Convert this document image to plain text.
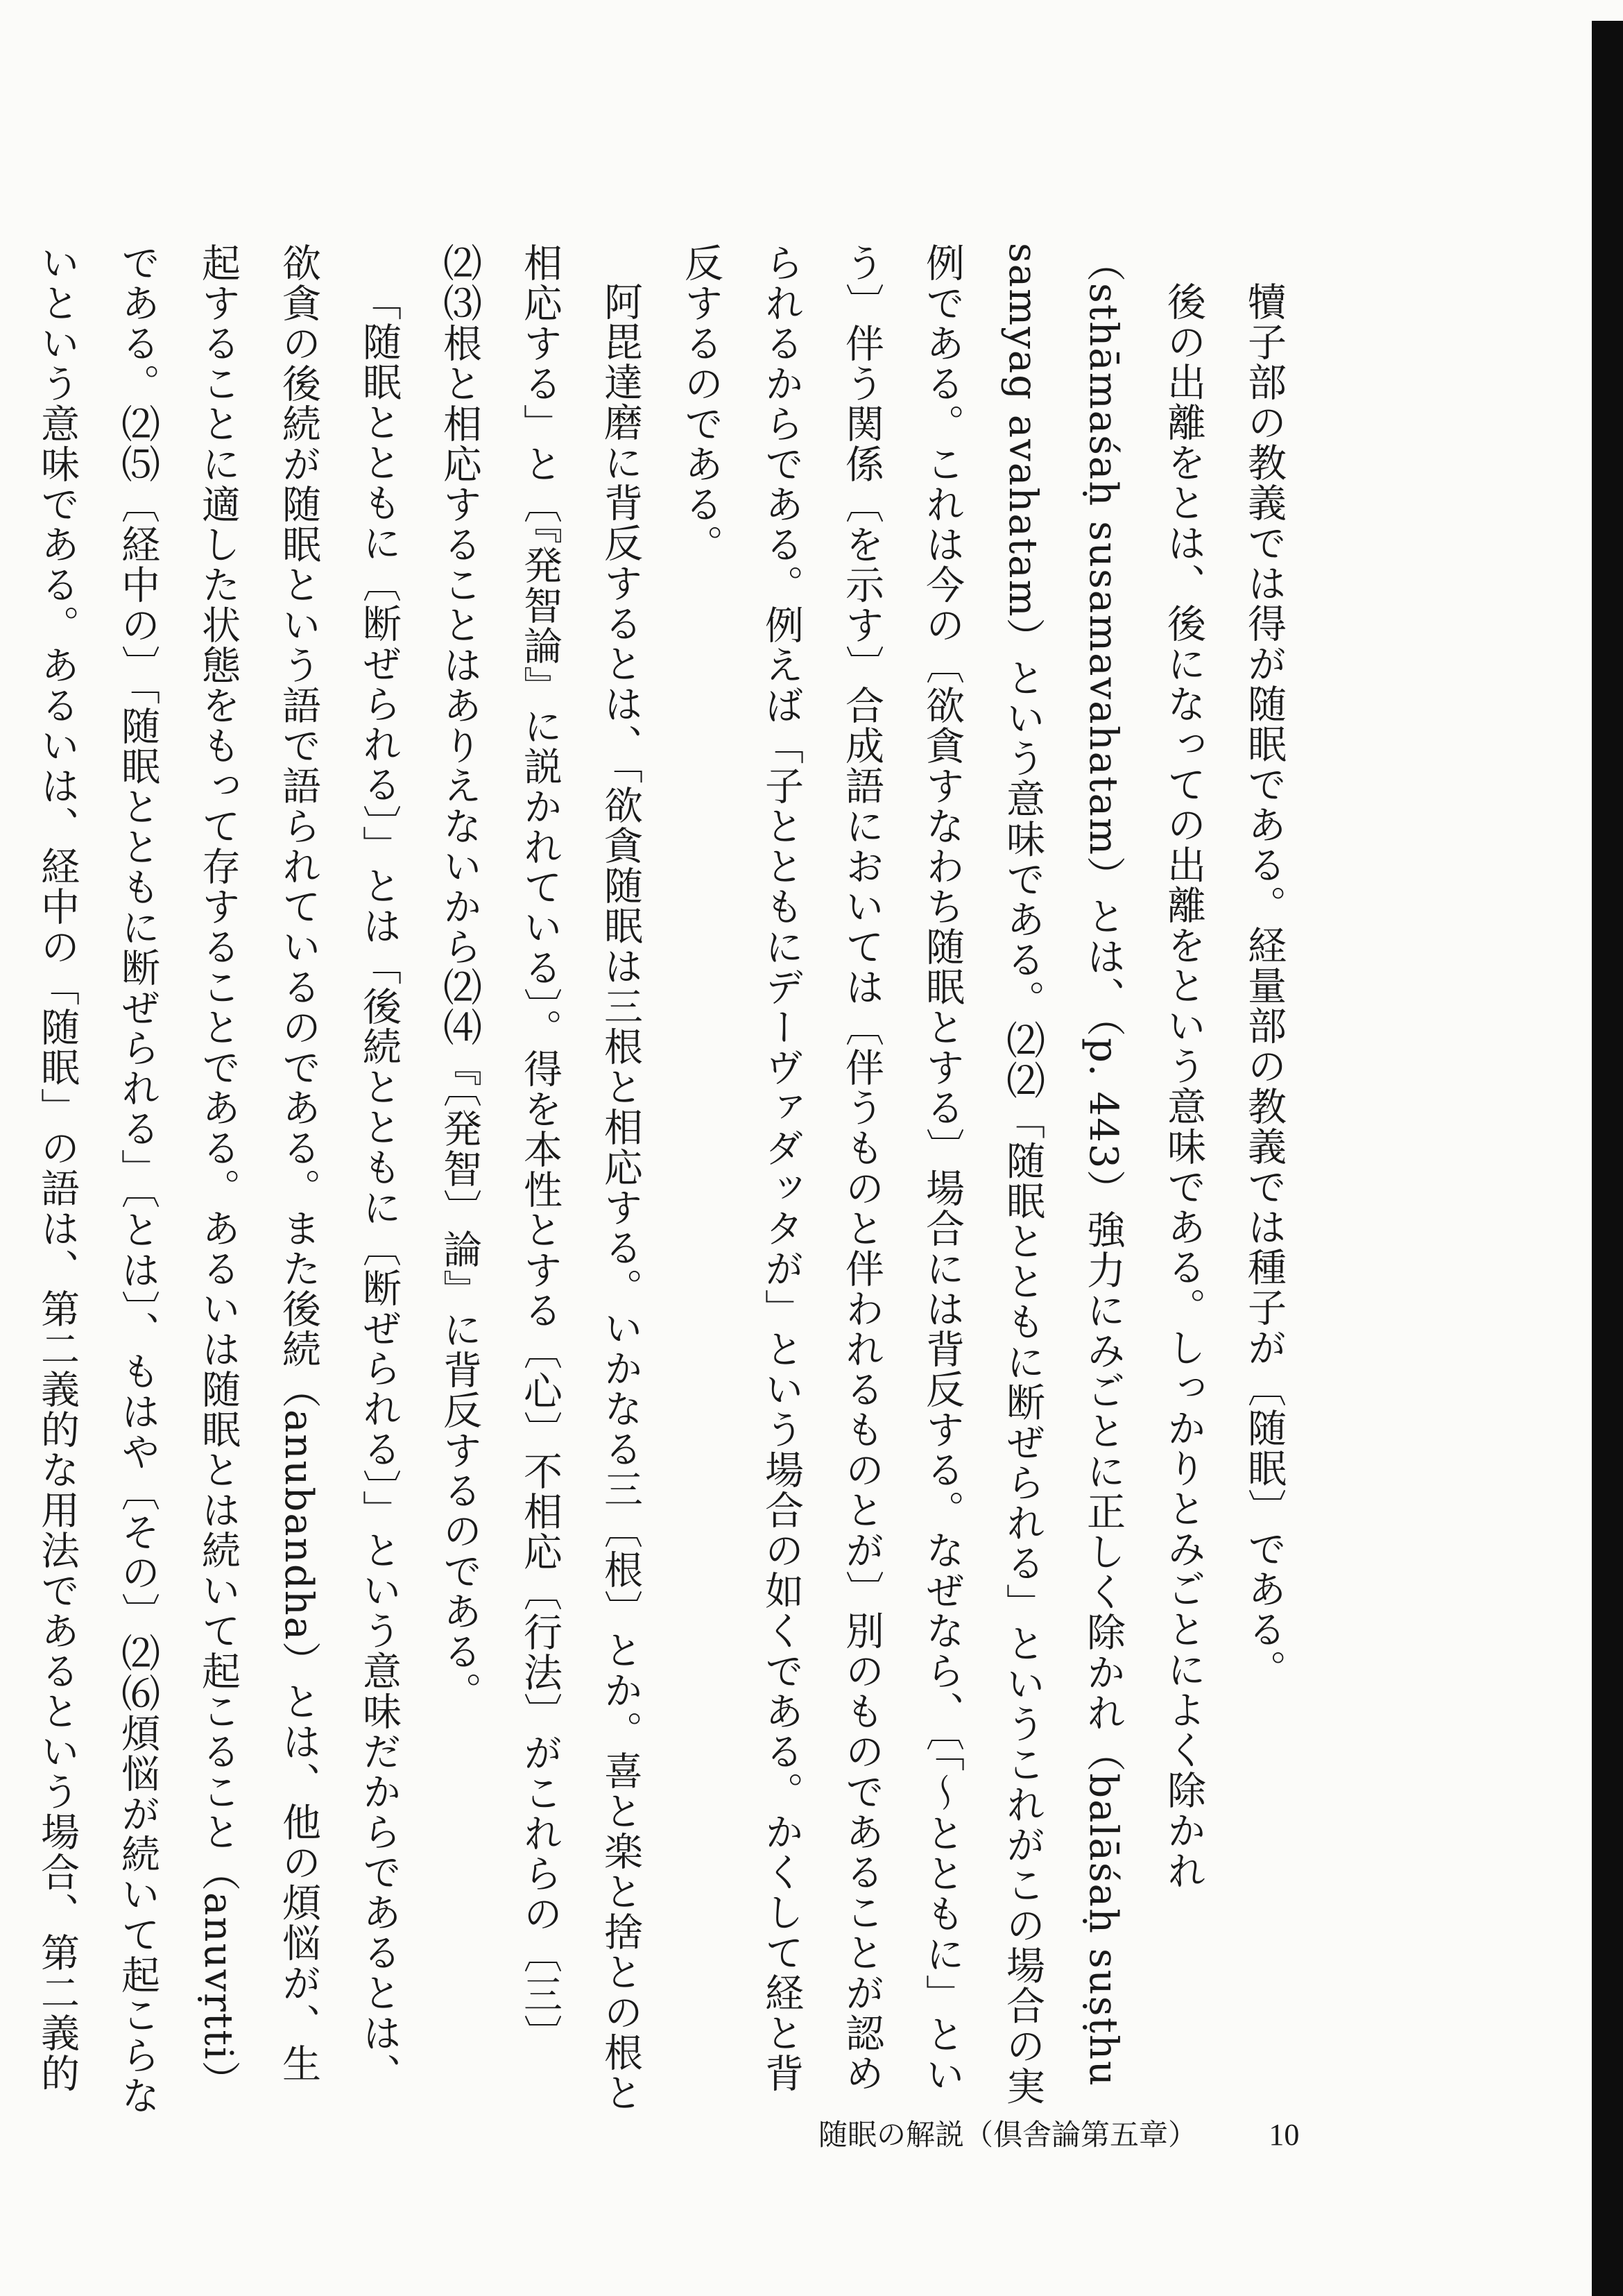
犢子部の教義では得が随眠である。経量部の教義では種子が〔随眠〕である。

後の出離をとは、後になっての出離をという意味である。しっかりとみごとによく除かれ（sthāmaśaḥ susamavahatam）とは、（p. 443）強力にみごとに正しく除かれ（balāśaḥ suṣṭhu samyag avahatam）という意味である。⑵⑵「随眠とともに断ぜられる」というこれがこの場合の実例である。これは今の〔欲貪すなわち随眠とする〕場合には背反する。なぜなら、〔「〜とともに」という〕伴う関係〔を示す〕合成語においては〔伴うものと伴われるものとが〕別のものであることが認められるからである。例えば「子とともにデーヴァダッタが」という場合の如くである。かくして経と背反するのである。

阿毘達磨に背反するとは、「欲貪随眠は三根と相応する。いかなる三〔根〕とか。喜と楽と捨との根と相応する」と〔『発智論』に説かれている〕。得を本性とする〔心〕不相応〔行法〕がこれらの〔三〕⑵⑶根と相応することはありえないから⑵⑷『〔発智〕論』に背反するのである。

「随眠とともに〔断ぜられる〕」とは「後続とともに〔断ぜられる〕」という意味だからであるとは、欲貪の後続が随眠という語で語られているのである。また後続（anubandha）とは、他の煩悩が、生起することに適した状態をもって存することである。あるいは随眠とは続いて起こること（anuvṛtti）である。⑵⑸〔経中の〕「随眠とともに断ぜられる」〔とは〕、もはや〔その〕⑵⑹煩悩が続いて起こらないという意味である。あるいは、経中の「随眠」の語は、第二義的な用法であるという場合、第二義的

随眠の解説（倶舎論第五章） 10
